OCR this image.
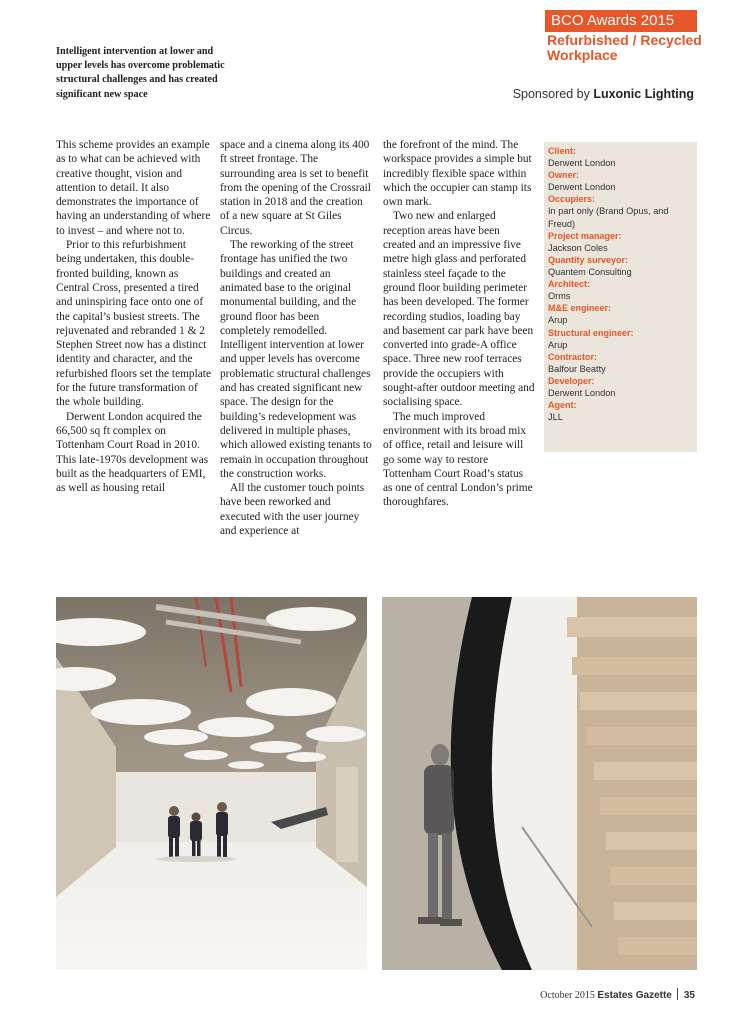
BCO Awards 2015
Refurbished / Recycled Workplace
Intelligent intervention at lower and upper levels has overcome problematic structural challenges and has created significant new space	Sponsored by Luxonic Lighting

This scheme provides an example as to what can be achieved with creative thought, vision and attention to detail. It also demonstrates the importance of having an understanding of where to invest – and where not to.

Prior to this refurbishment being undertaken, this double-fronted building, known as Central Cross, presented a tired and uninspiring face onto one of the capital’s busiest streets. The rejuvenated and rebranded 1 & 2 Stephen Street now has a distinct identity and character, and the refurbished floors set the template for the future transformation of the whole building.

Derwent London acquired the 66,500 sq ft complex on Tottenham Court Road in 2010. This late-1970s development was built as the headquarters of EMI, as well as housing retail

space and a cinema along its 400 ft street frontage. The surrounding area is set to benefit from the opening of the Crossrail station in 2018 and the creation of a new square at St Giles Circus.

The reworking of the street frontage has unified the two buildings and created an animated base to the original monumental building, and the ground floor has been completely remodelled. Intelligent intervention at lower and upper levels has overcome problematic structural challenges and has created significant new space. The design for the building’s redevelopment was delivered in multiple phases, which allowed existing tenants to remain in occupation throughout the construction works.

All the customer touch points have been reworked and executed with the user journey and experience at

the forefront of the mind. The workspace provides a simple but incredibly flexible space within which the occupier can stamp its own mark.

Two new and enlarged reception areas have been created and an impressive five metre high glass and perforated stainless steel façade to the ground floor building perimeter has been developed. The former recording studios, loading bay and basement car park have been converted into grade-A office space. Three new roof terraces provide the occupiers with sought-after outdoor meeting and socialising space.

The much improved environment with its broad mix of office, retail and leisure will go some way to restore Tottenham Court Road’s status as one of central London’s prime thoroughfares.

Client:
Derwent London
Owner:
Derwent London
Occupiers:
In part only (Brand Opus, and Freud)
Project manager:
Jackson Coles
Quantity surveyor:
Quantem Consulting
Architect:
Orms
M&E engineer:
Arup
Structural engineer:
Arup
Contractor:
Balfour Beatty
Developer:
Derwent London
Agent:
JLL
October 2015 Estates Gazette 35
